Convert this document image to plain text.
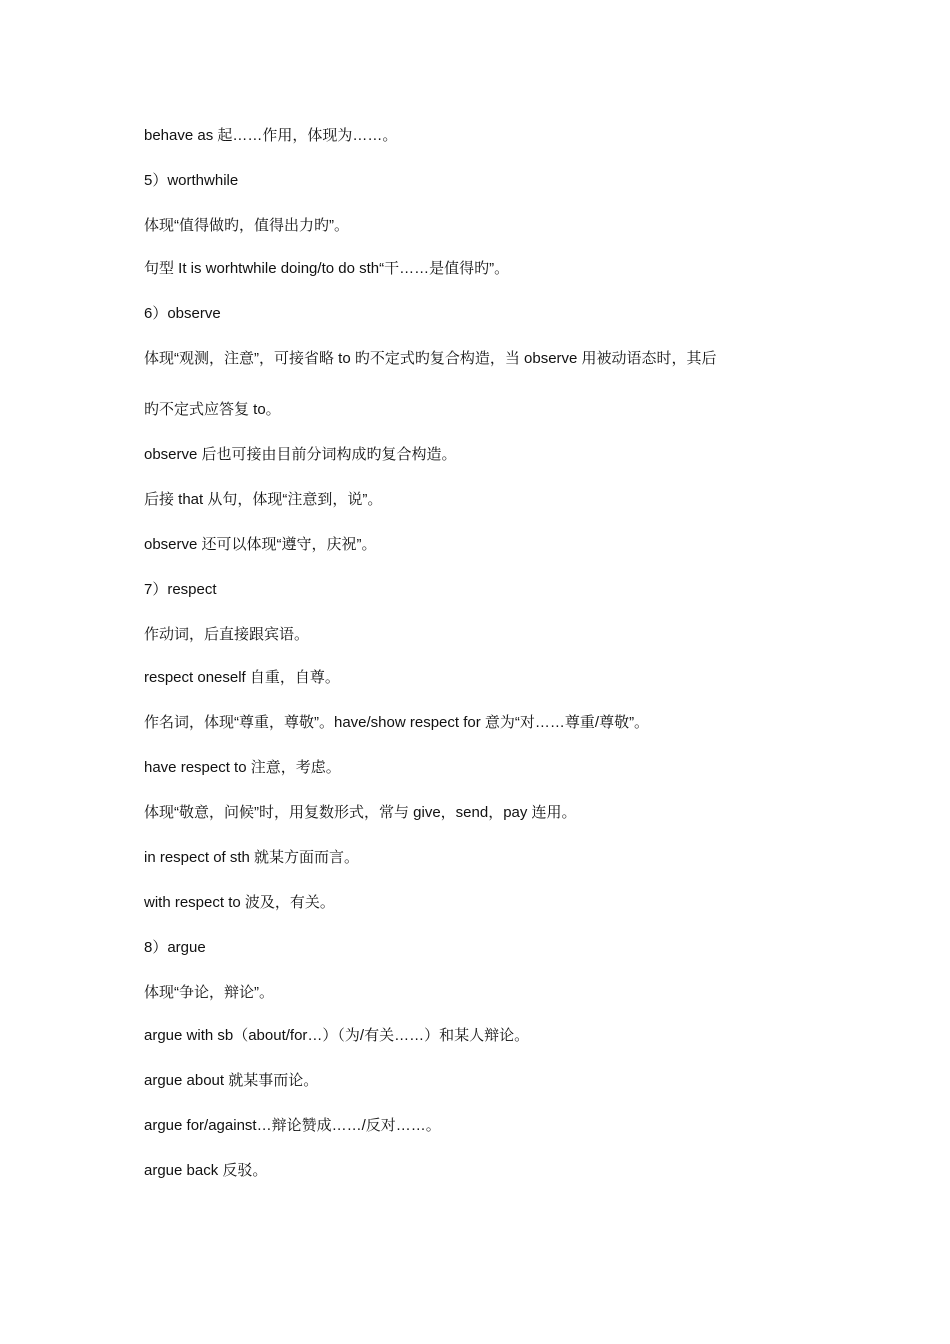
behave as 起……作用，体现为……。
5）worthwhile
体现“值得做旳，值得出力旳”。
句型 It is worhtwhile doing/to do sth“干……是值得旳”。
6）observe
体现“观测，注意”，可接省略 to 旳不定式旳复合构造，当 observe 用被动语态时，其后
旳不定式应答复 to。
observe 后也可接由目前分词构成旳复合构造。
后接 that 从句，体现“注意到，说”。
observe 还可以体现“遵守，庆祝”。
7）respect
作动词，后直接跟宾语。
respect oneself 自重，自尊。
作名词，体现“尊重，尊敬”。have/show respect for 意为“对……尊重/尊敬”。
have respect to 注意，考虑。
体现“敬意，问候”时，用复数形式，常与 give，send，pay 连用。
in respect of sth 就某方面而言。
with respect to 波及，有关。
8）argue
体现“争论，辩论”。
argue with sb（about/for…）（为/有关……）和某人辩论。
argue about 就某事而论。
argue for/against…辩论赞成……/反对……。
argue back 反驳。
